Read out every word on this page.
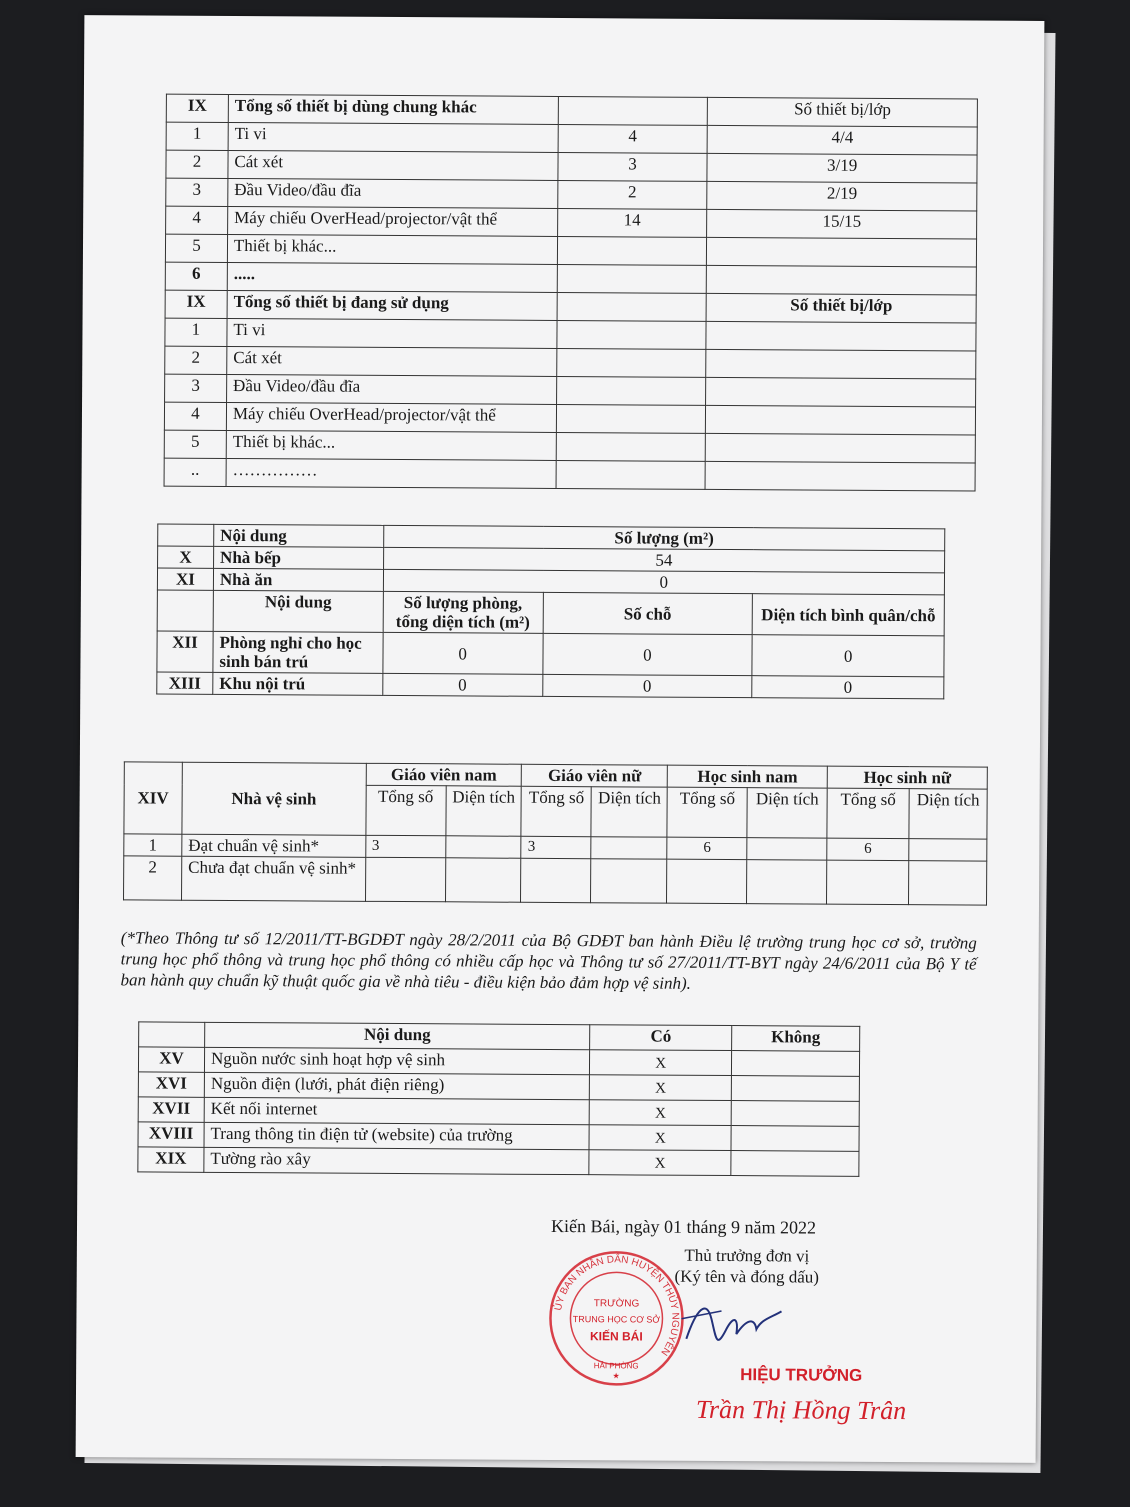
IX	Tổng số thiết bị dùng chung khác		Số thiết bị/lớp
1	Ti vi	4	4/4
2	Cát xét	3	3/19
3	Đầu Video/đầu đĩa	2	2/19
4	Máy chiếu OverHead/projector/vật thể	14	15/15
5	Thiết bị khác...		
6	.....		
IX	Tổng số thiết bị đang sử dụng		Số thiết bị/lớp
1	Ti vi		
2	Cát xét		
3	Đầu Video/đầu đĩa		
4	Máy chiếu OverHead/projector/vật thể		
5	Thiết bị khác...		
..	……………		
	Nội dung	Số lượng (m²)		
X	Nhà bếp	54		
XI	Nhà ăn	0		
	Nội dung	Số lượng phòng, tổng diện tích (m²)	Số chỗ	Diện tích bình quân/chỗ
XII	Phòng nghỉ cho học sinh bán trú	0	0	0
XIII	Khu nội trú	0	0	0
XIV	Nhà vệ sinh	Giáo viên nam		Giáo viên nữ		Học sinh nam		Học sinh nữ	
		Tổng số	Diện tích	Tổng số	Diện tích	Tổng số	Diện tích	Tổng số	Diện tích
1	Đạt chuẩn vệ sinh*	3		3		6		6	
2	Chưa đạt chuẩn vệ sinh*								
(*Theo Thông tư số 12/2011/TT-BGDĐT ngày 28/2/2011 của Bộ GDĐT ban hành Điều lệ trường trung học cơ sở, trường trung học phổ thông và trung học phổ thông có nhiều cấp học và Thông tư số 27/2011/TT-BYT ngày 24/6/2011 của Bộ Y tế ban hành quy chuẩn kỹ thuật quốc gia về nhà tiêu - điều kiện bảo đảm hợp vệ sinh).
	Nội dung	Có	Không
XV	Nguồn nước sinh hoạt hợp vệ sinh	X	
XVI	Nguồn điện (lưới, phát điện riêng)	X	
XVII	Kết nối internet	X	
XVIII	Trang thông tin điện tử (website) của trường	X	
XIX	Tường rào xây	X	
Kiến Bái, ngày 01 tháng 9 năm 2022
Thủ trưởng đơn vị
(Ký tên và đóng dấu)
ỦY BAN NHÂN DÂN HUYỆN THỦY NGUYÊN
TRƯỜNG
TRUNG HỌC CƠ SỞ
KIẾN BÁI
HẢI PHÒNG
★	HIỆU TRƯỞNG
Trần Thị Hồng Trân
